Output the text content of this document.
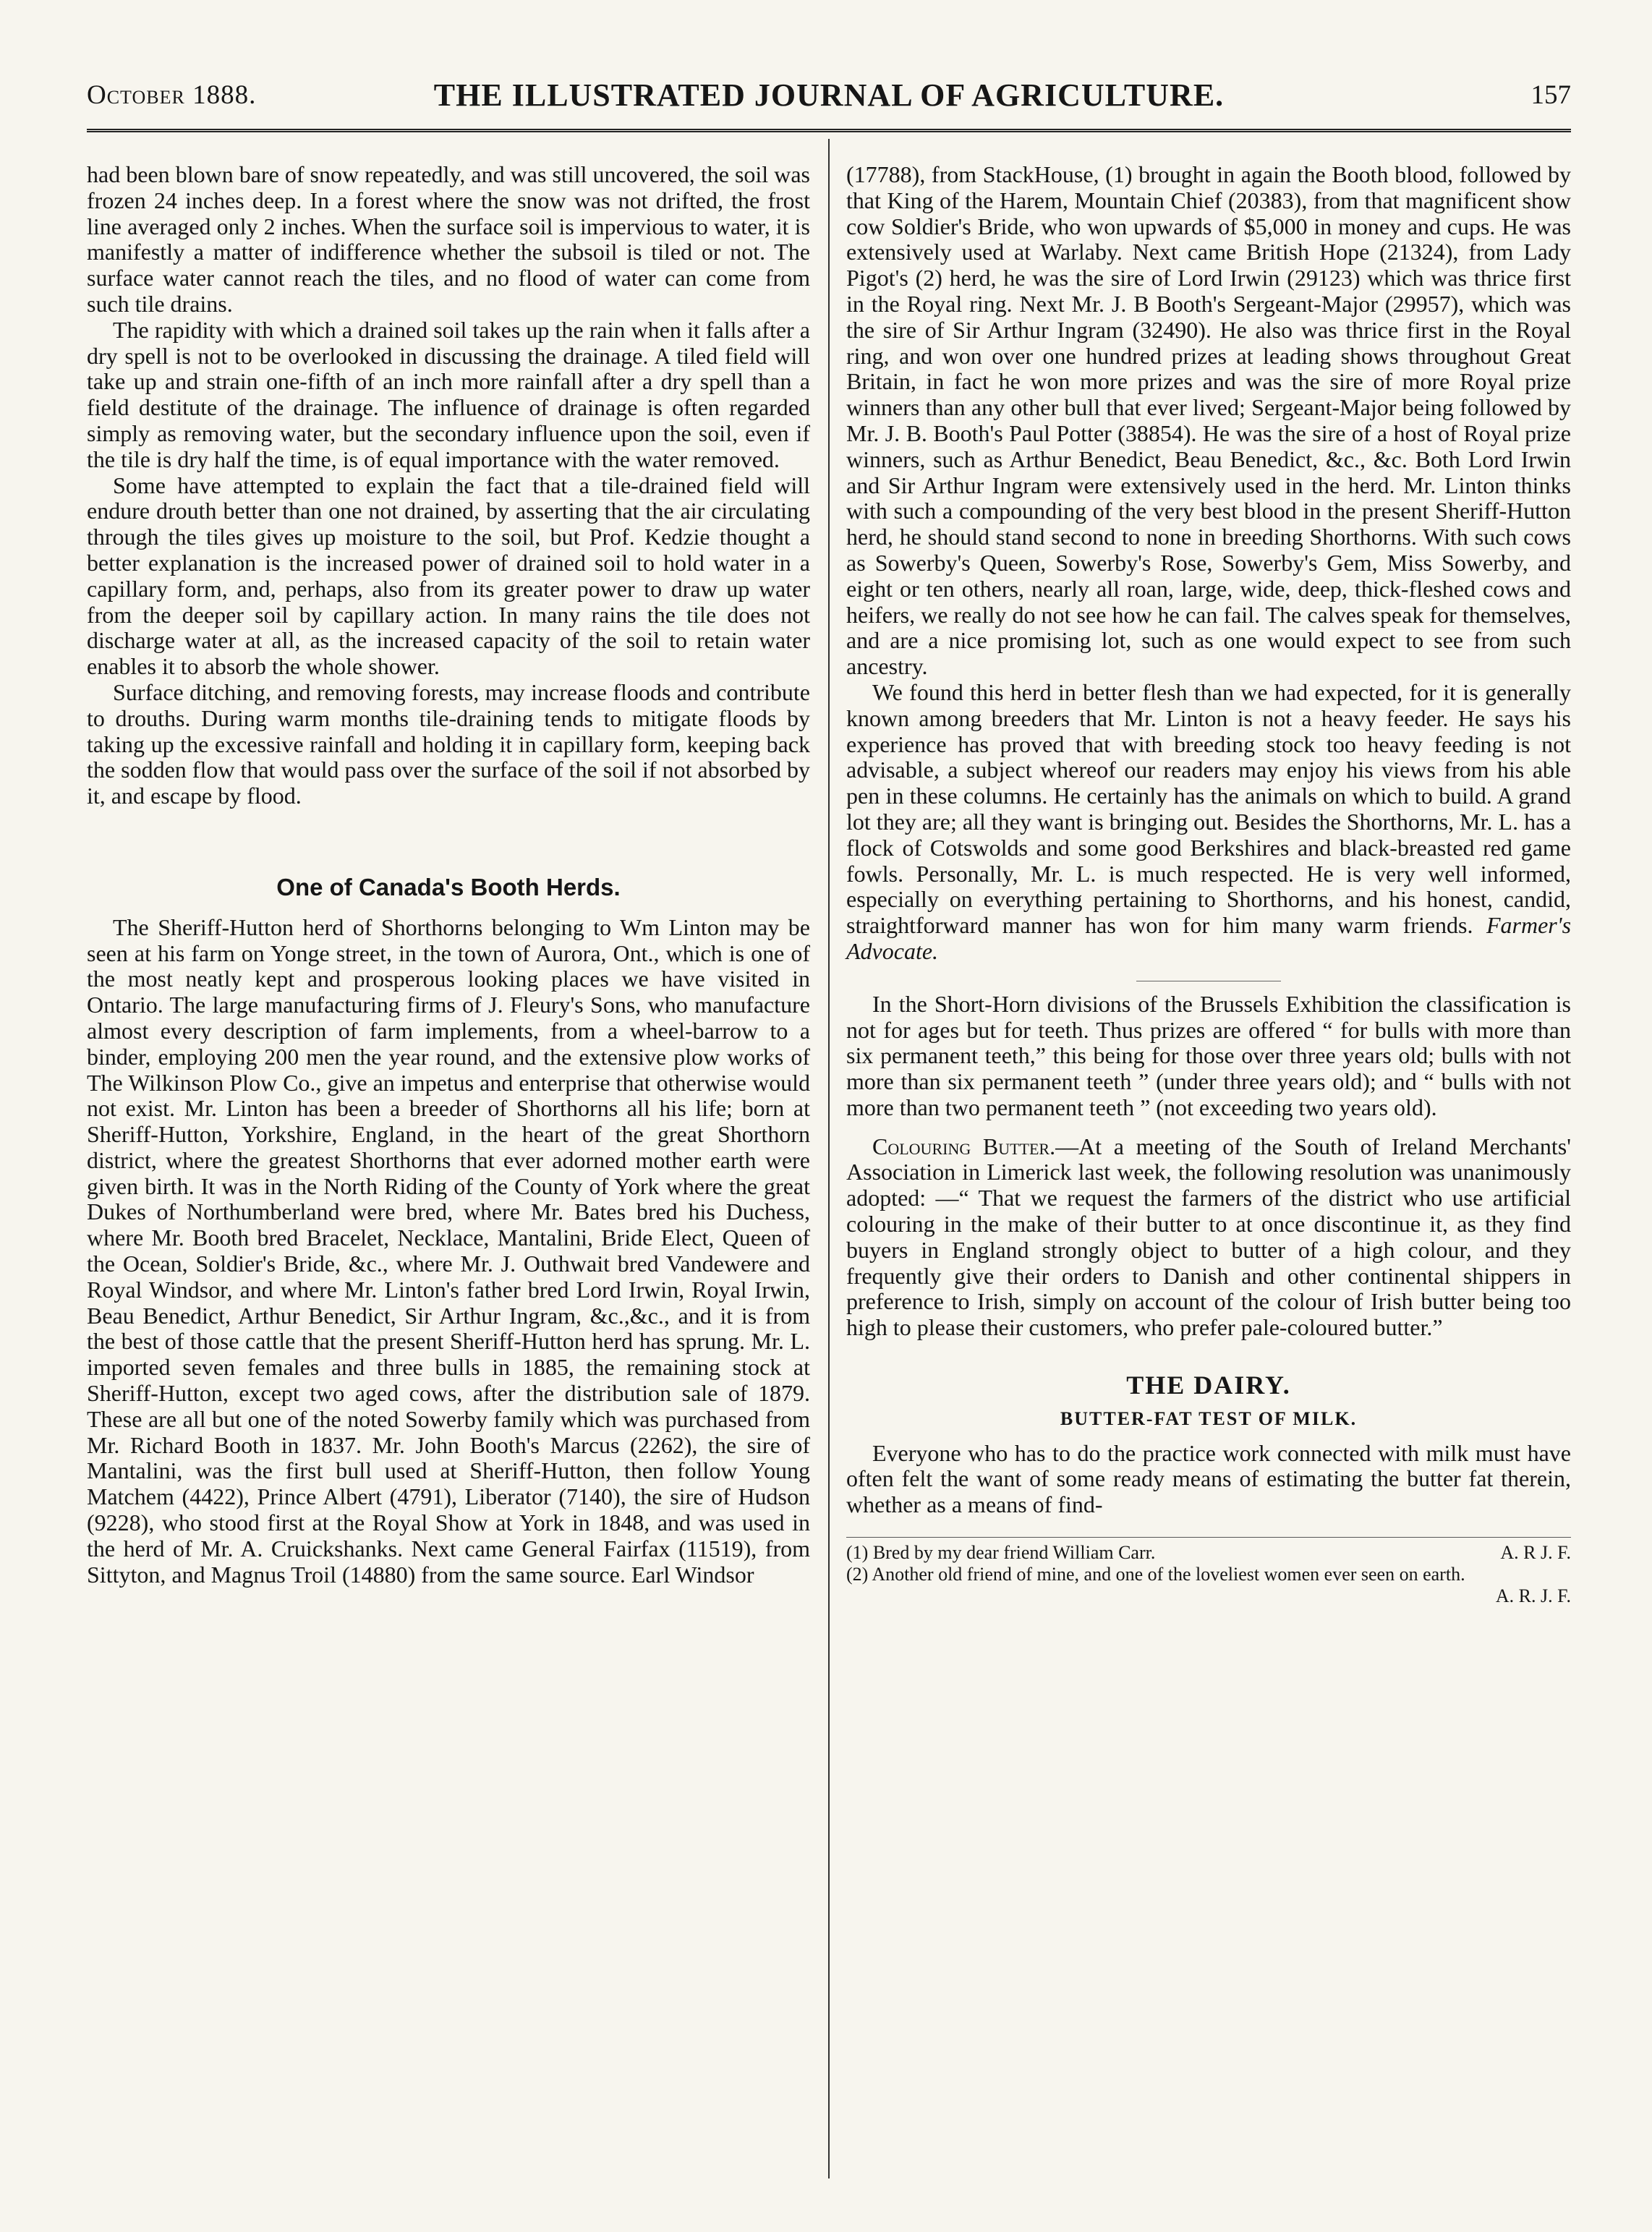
October 1888.	THE ILLUSTRATED JOURNAL OF AGRICULTURE.	157

had been blown bare of snow repeatedly, and was still uncovered, the soil was frozen 24 inches deep. In a forest where the snow was not drifted, the frost line averaged only 2 inches. When the surface soil is impervious to water, it is manifestly a matter of indifference whether the subsoil is tiled or not. The surface water cannot reach the tiles, and no flood of water can come from such tile drains.

The rapidity with which a drained soil takes up the rain when it falls after a dry spell is not to be overlooked in discussing the drainage. A tiled field will take up and strain one-fifth of an inch more rainfall after a dry spell than a field destitute of the drainage. The influence of drainage is often regarded simply as removing water, but the secondary influence upon the soil, even if the tile is dry half the time, is of equal importance with the water removed.

Some have attempted to explain the fact that a tile-drained field will endure drouth better than one not drained, by asserting that the air circulating through the tiles gives up moisture to the soil, but Prof. Kedzie thought a better explanation is the increased power of drained soil to hold water in a capillary form, and, perhaps, also from its greater power to draw up water from the deeper soil by capillary action. In many rains the tile does not discharge water at all, as the increased capacity of the soil to retain water enables it to absorb the whole shower.

Surface ditching, and removing forests, may increase floods and contribute to drouths. During warm months tile-draining tends to mitigate floods by taking up the excessive rainfall and holding it in capillary form, keeping back the sodden flow that would pass over the surface of the soil if not absorbed by it, and escape by flood.

One of Canada's Booth Herds.

The Sheriff-Hutton herd of Shorthorns belonging to Wm Linton may be seen at his farm on Yonge street, in the town of Aurora, Ont., which is one of the most neatly kept and prosperous looking places we have visited in Ontario. The large manufacturing firms of J. Fleury's Sons, who manufacture almost every description of farm implements, from a wheel-barrow to a binder, employing 200 men the year round, and the extensive plow works of The Wilkinson Plow Co., give an impetus and enterprise that otherwise would not exist. Mr. Linton has been a breeder of Shorthorns all his life; born at Sheriff-Hutton, Yorkshire, England, in the heart of the great Shorthorn district, where the greatest Shorthorns that ever adorned mother earth were given birth. It was in the North Riding of the County of York where the great Dukes of Northumberland were bred, where Mr. Bates bred his Duchess, where Mr. Booth bred Bracelet, Necklace, Mantalini, Bride Elect, Queen of the Ocean, Soldier's Bride, &c., where Mr. J. Outhwait bred Vandewere and Royal Windsor, and where Mr. Linton's father bred Lord Irwin, Royal Irwin, Beau Benedict, Arthur Benedict, Sir Arthur Ingram, &c.,&c., and it is from the best of those cattle that the present Sheriff-Hutton herd has sprung. Mr. L. imported seven females and three bulls in 1885, the remaining stock at Sheriff-Hutton, except two aged cows, after the distribution sale of 1879. These are all but one of the noted Sowerby family which was purchased from Mr. Richard Booth in 1837. Mr. John Booth's Marcus (2262), the sire of Mantalini, was the first bull used at Sheriff-Hutton, then follow Young Matchem (4422), Prince Albert (4791), Liberator (7140), the sire of Hudson (9228), who stood first at the Royal Show at York in 1848, and was used in the herd of Mr. A. Cruickshanks. Next came General Fairfax (11519), from Sittyton, and Magnus Troil (14880) from the same source. Earl Windsor

(17788), from StackHouse, (1) brought in again the Booth blood, followed by that King of the Harem, Mountain Chief (20383), from that magnificent show cow Soldier's Bride, who won upwards of $5,000 in money and cups. He was extensively used at Warlaby. Next came British Hope (21324), from Lady Pigot's (2) herd, he was the sire of Lord Irwin (29123) which was thrice first in the Royal ring. Next Mr. J. B Booth's Sergeant-Major (29957), which was the sire of Sir Arthur Ingram (32490). He also was thrice first in the Royal ring, and won over one hundred prizes at leading shows throughout Great Britain, in fact he won more prizes and was the sire of more Royal prize winners than any other bull that ever lived; Sergeant-Major being followed by Mr. J. B. Booth's Paul Potter (38854). He was the sire of a host of Royal prize winners, such as Arthur Benedict, Beau Benedict, &c., &c. Both Lord Irwin and Sir Arthur Ingram were extensively used in the herd. Mr. Linton thinks with such a compounding of the very best blood in the present Sheriff-Hutton herd, he should stand second to none in breeding Shorthorns. With such cows as Sowerby's Queen, Sowerby's Rose, Sowerby's Gem, Miss Sowerby, and eight or ten others, nearly all roan, large, wide, deep, thick-fleshed cows and heifers, we really do not see how he can fail. The calves speak for themselves, and are a nice promising lot, such as one would expect to see from such ancestry.

We found this herd in better flesh than we had expected, for it is generally known among breeders that Mr. Linton is not a heavy feeder. He says his experience has proved that with breeding stock too heavy feeding is not advisable, a subject whereof our readers may enjoy his views from his able pen in these columns. He certainly has the animals on which to build. A grand lot they are; all they want is bringing out. Besides the Shorthorns, Mr. L. has a flock of Cotswolds and some good Berkshires and black-breasted red game fowls. Personally, Mr. L. is much respected. He is very well informed, especially on everything pertaining to Shorthorns, and his honest, candid, straightforward manner has won for him many warm friends. Farmer's Advocate.

In the Short-Horn divisions of the Brussels Exhibition the classification is not for ages but for teeth. Thus prizes are offered “ for bulls with more than six permanent teeth,” this being for those over three years old; bulls with not more than six permanent teeth ” (under three years old); and “ bulls with not more than two permanent teeth ” (not exceeding two years old).

Colouring Butter.—At a meeting of the South of Ireland Merchants' Association in Limerick last week, the following resolution was unanimously adopted: —“ That we request the farmers of the district who use artificial colouring in the make of their butter to at once discontinue it, as they find buyers in England strongly object to butter of a high colour, and they frequently give their orders to Danish and other continental shippers in preference to Irish, simply on account of the colour of Irish butter being too high to please their customers, who prefer pale-coloured butter.”

THE DAIRY.
BUTTER-FAT TEST OF MILK.

Everyone who has to do the practice work connected with milk must have often felt the want of some ready means of estimating the butter fat therein, whether as a means of find-

(1) Bred by my dear friend William Carr.	A. R J. F.
(2) Another old friend of mine, and one of the loveliest women ever seen on earth.
A. R. J. F.
